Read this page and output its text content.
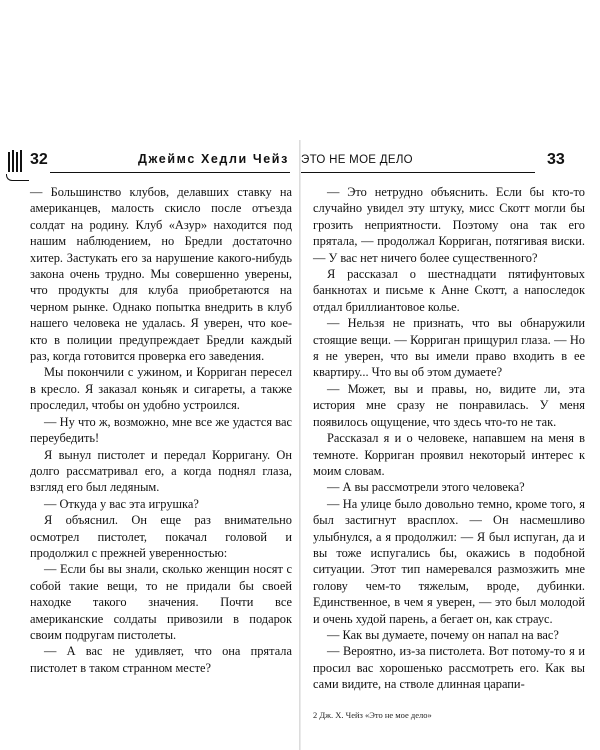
32	Джеймс Хедли Чейз

— Большинство клубов, делавших ставку на американцев, малость скисло после отъезда солдат на родину. Клуб «Азур» находится под нашим наблюдением, но Бредли достаточно хитер. Застукать его за нарушение какого-нибудь закона очень трудно. Мы совершенно уверены, что продукты для клуба приобретаются на черном рынке. Однако попытка внедрить в клуб нашего человека не удалась. Я уверен, что кое-кто в полиции предупреждает Бредли каждый раз, когда готовится проверка его заведения.

Мы покончили с ужином, и Корриган пересел в кресло. Я заказал коньяк и сигареты, а также проследил, чтобы он удобно устроился.

— Ну что ж, возможно, мне все же удастся вас переубедить!

Я вынул пистолет и передал Корригану. Он долго рассматривал его, а когда поднял глаза, взгляд его был ледяным.

— Откуда у вас эта игрушка?

Я объяснил. Он еще раз внимательно осмотрел пистолет, покачал головой и продолжил с прежней уверенностью:

— Если бы вы знали, сколько женщин носят с собой такие вещи, то не придали бы своей находке такого значения. Почти все американские солдаты привозили в подарок своим подругам пистолеты.

— А вас не удивляет, что она прятала пистолет в таком странном месте?

ЭТО НЕ МОЕ ДЕЛО	33

— Это нетрудно объяснить. Если бы кто-то случайно увидел эту штуку, мисс Скотт могли бы грозить неприятности. Поэтому она так его прятала, — продолжал Корриган, потягивая виски. — У вас нет ничего более существенного?

Я рассказал о шестнадцати пятифунтовых банкнотах и письме к Анне Скотт, а напоследок отдал бриллиантовое колье.

— Нельзя не признать, что вы обнаружили стоящие вещи. — Корриган прищурил глаза. — Но я не уверен, что вы имели право входить в ее квартиру... Что вы об этом думаете?

— Может, вы и правы, но, видите ли, эта история мне сразу не понравилась. У меня появилось ощущение, что здесь что-то не так.

Рассказал я и о человеке, напавшем на меня в темноте. Корриган проявил некоторый интерес к моим словам.

— А вы рассмотрели этого человека?

— На улице было довольно темно, кроме того, я был застигнут врасплох. — Он насмешливо улыбнулся, а я продолжил: — Я был испуган, да и вы тоже испугались бы, окажись в подобной ситуации. Этот тип намеревался размозжить мне голову чем-то тяжелым, вроде, дубинки. Единственное, в чем я уверен, — это был молодой и очень худой парень, а бегает он, как страус.

— Как вы думаете, почему он напал на вас?

— Вероятно, из-за пистолета. Вот потому-то я и просил вас хорошенько рассмотреть его. Как вы сами видите, на стволе длинная царапи-

2 Дж. Х. Чейз «Это не мое дело»
